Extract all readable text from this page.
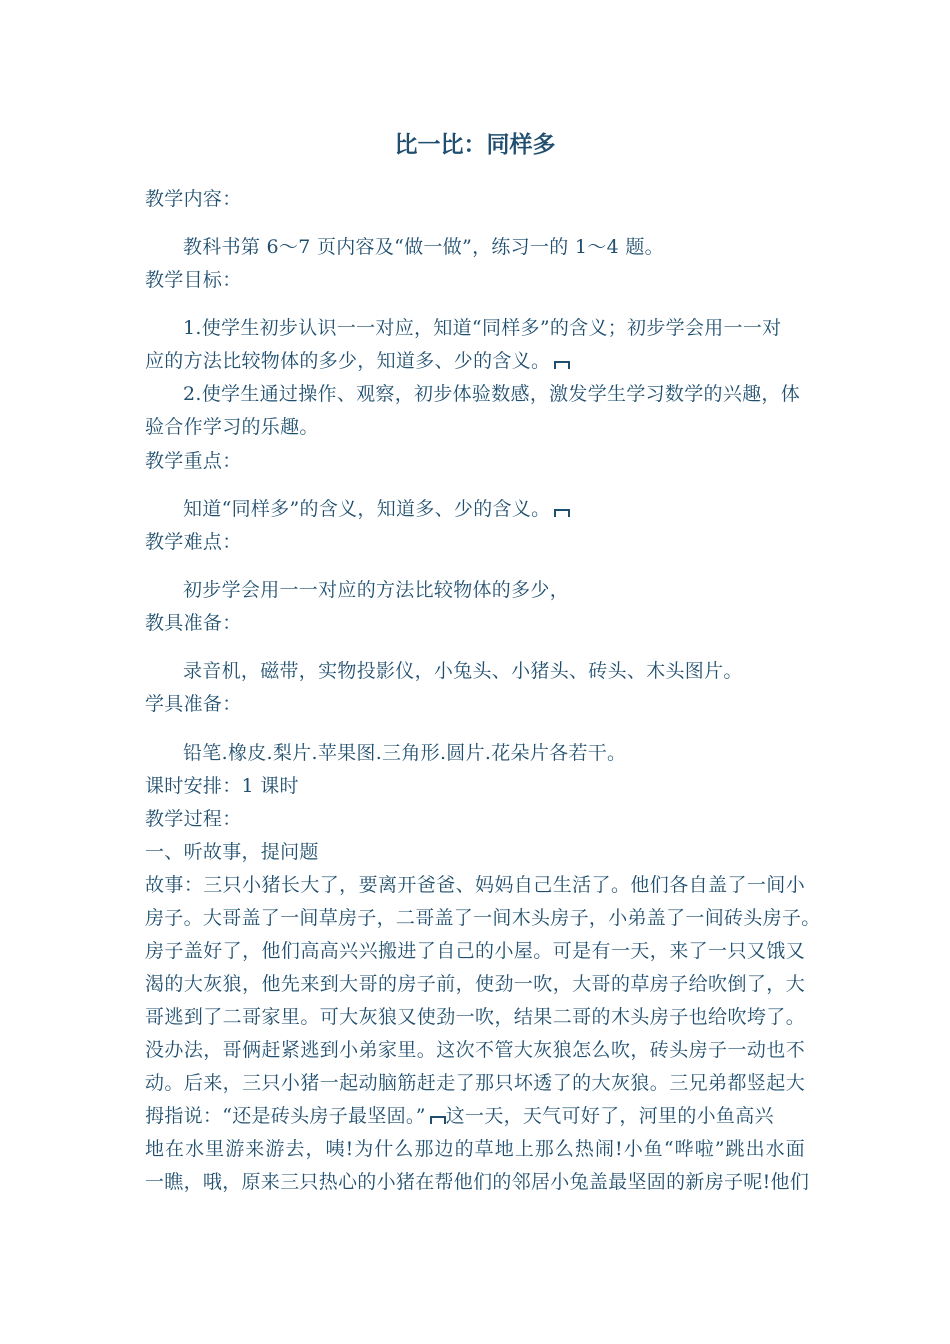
比一比：同样多
教学内容：
教科书第 6～7 页内容及“做一做”，练习一的 1～4 题。
教学目标：
1.使学生初步认识一一对应，知道“同样多”的含义；初步学会用一一对
应的方法比较物体的多少，知道多、少的含义。
2.使学生通过操作、观察，初步体验数感，激发学生学习数学的兴趣，体
验合作学习的乐趣。
教学重点：
知道“同样多”的含义，知道多、少的含义。
教学难点：
初步学会用一一对应的方法比较物体的多少，
教具准备：
录音机，磁带，实物投影仪，小兔头、小猪头、砖头、木头图片。
学具准备：
铅笔.橡皮.梨片.苹果图.三角形.圆片.花朵片各若干。
课时安排：1 课时
教学过程：
一、听故事，提问题
故事：三只小猪长大了，要离开爸爸、妈妈自己生活了。他们各自盖了一间小
房子。大哥盖了一间草房子，二哥盖了一间木头房子，小弟盖了一间砖头房子。
房子盖好了，他们高高兴兴搬进了自己的小屋。可是有一天，来了一只又饿又
渴的大灰狼，他先来到大哥的房子前，使劲一吹，大哥的草房子给吹倒了，大
哥逃到了二哥家里。可大灰狼又使劲一吹，结果二哥的木头房子也给吹垮了。
没办法，哥俩赶紧逃到小弟家里。这次不管大灰狼怎么吹，砖头房子一动也不
动。后来，三只小猪一起动脑筋赶走了那只坏透了的大灰狼。三兄弟都竖起大
拇指说：“还是砖头房子最坚固。” 这一天，天气可好了，河里的小鱼高兴
地在水里游来游去，咦!为什么那边的草地上那么热闹!小鱼“哗啦”跳出水面
一瞧，哦，原来三只热心的小猪在帮他们的邻居小兔盖最坚固的新房子呢!他们
